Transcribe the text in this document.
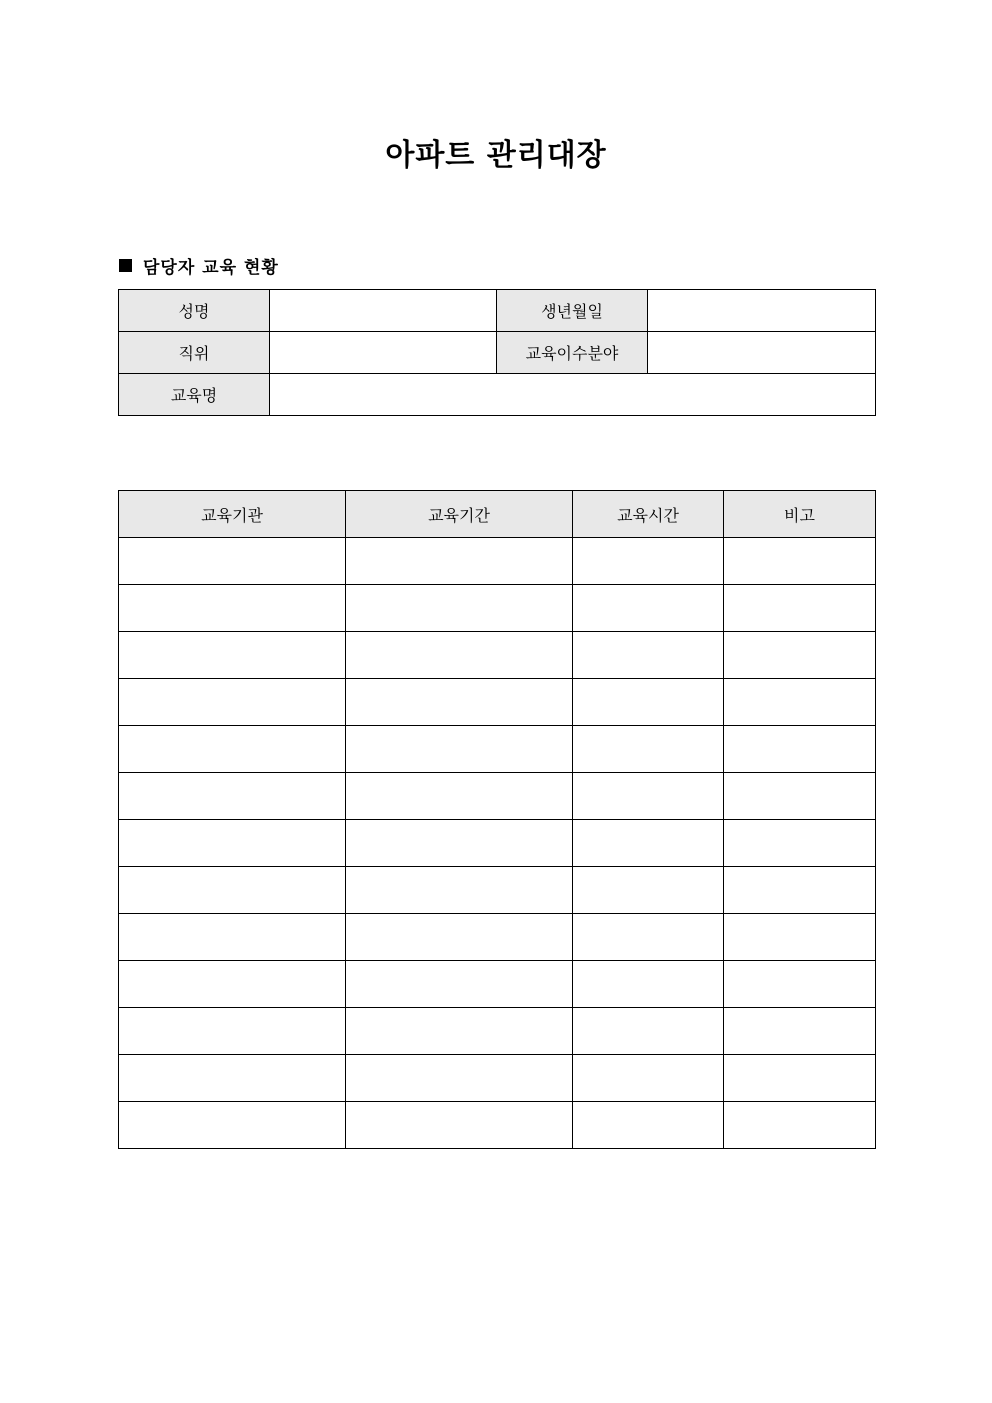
아파트 관리대장
담당자 교육 현황
성명		생년월일	
직위		교육이수분야	
교육명			
교육기관	교육기간	교육시간	비고
